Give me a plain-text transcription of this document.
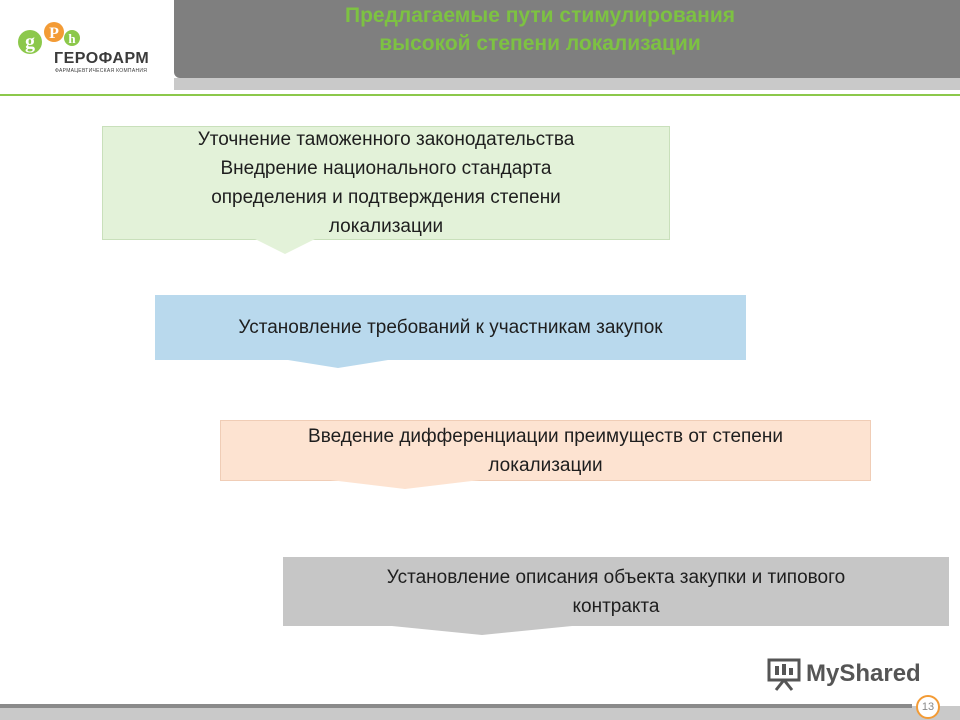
g P h
ГЕРОФАРМ
ФАРМАЦЕВТИЧЕСКАЯ КОМПАНИЯ
Предлагаемые пути стимулирования
высокой степени локализации
Уточнение таможенного законодательства
Внедрение национального стандарта
определения и подтверждения степени
локализации
Установление требований к участникам закупок
Введение дифференциации преимуществ от степени
локализации
Установление описания объекта закупки и типового
контракта
MyShared
13
